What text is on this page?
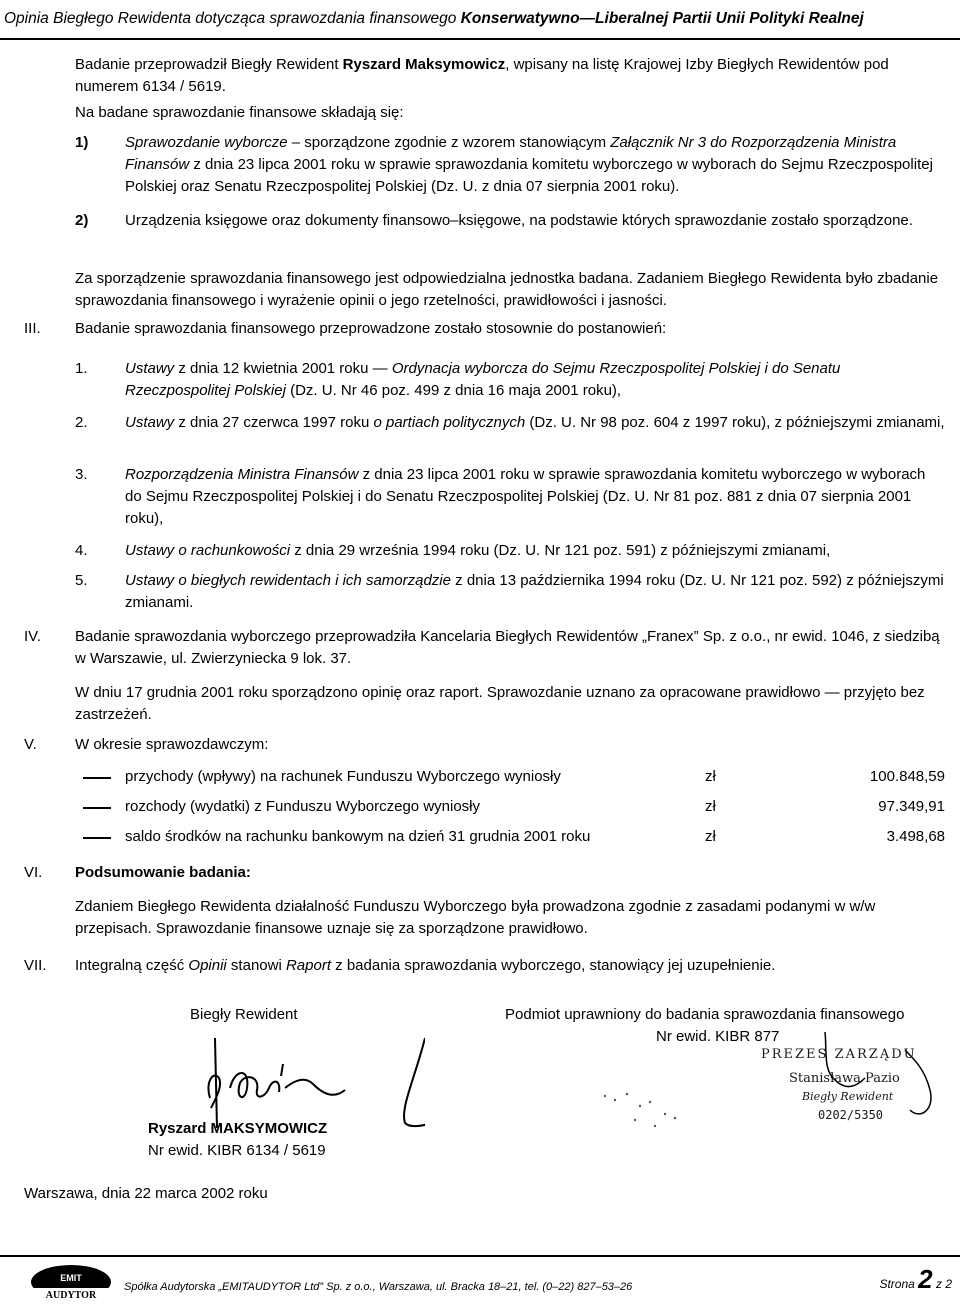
Opinia Biegłego Rewidenta dotycząca sprawozdania finansowego Konserwatywno—Liberalnej Partii Unii Polityki Realnej

Badanie przeprowadził Biegły Rewident Ryszard Maksymowicz, wpisany na listę Krajowej Izby Biegłych Rewidentów pod numerem 6134 / 5619.

Na badane sprawozdanie finansowe składają się:

1) Sprawozdanie wyborcze – sporządzone zgodnie z wzorem stanowiącym Załącznik Nr 3 do Rozporządzenia Ministra Finansów z dnia 23 lipca 2001 roku w sprawie sprawozdania komitetu wyborczego w wyborach do Sejmu Rzeczpospolitej Polskiej oraz Senatu Rzeczpospolitej Polskiej (Dz. U. z dnia 07 sierpnia 2001 roku).
2) Urządzenia księgowe oraz dokumenty finansowo–księgowe, na podstawie których sprawozdanie zostało sporządzone.
Za sporządzenie sprawozdania finansowego jest odpowiedzialna jednostka badana. Zadaniem Biegłego Rewidenta było zbadanie sprawozdania finansowego i wyrażenie opinii o jego rzetelności, prawidłowości i jasności.
III. Badanie sprawozdania finansowego przeprowadzone zostało stosownie do postanowień:
1. Ustawy z dnia 12 kwietnia 2001 roku — Ordynacja wyborcza do Sejmu Rzeczpospolitej Polskiej i do Senatu Rzeczpospolitej Polskiej (Dz. U. Nr 46 poz. 499 z dnia 16 maja 2001 roku),
2. Ustawy z dnia 27 czerwca 1997 roku o partiach politycznych (Dz. U. Nr 98 poz. 604 z 1997 roku), z późniejszymi zmianami,
3. Rozporządzenia Ministra Finansów z dnia 23 lipca 2001 roku w sprawie sprawozdania komitetu wyborczego w wyborach do Sejmu Rzeczpospolitej Polskiej i do Senatu Rzeczpospolitej Polskiej (Dz. U. Nr 81 poz. 881 z dnia 07 sierpnia 2001 roku),
4. Ustawy o rachunkowości z dnia 29 września 1994 roku (Dz. U. Nr 121 poz. 591) z późniejszymi zmianami,
5. Ustawy o biegłych rewidentach i ich samorządzie z dnia 13 października 1994 roku (Dz. U. Nr 121 poz. 592) z późniejszymi zmianami.
IV. Badanie sprawozdania wyborczego przeprowadziła Kancelaria Biegłych Rewidentów „Franex” Sp. z o.o., nr ewid. 1046, z siedzibą w Warszawie, ul. Zwierzyniecka 9 lok. 37.
W dniu 17 grudnia 2001 roku sporządzono opinię oraz raport. Sprawozdanie uznano za opracowane prawidłowo — przyjęto bez zastrzeżeń.
V.	W okresie sprawozdawczym:
przychody (wpływy) na rachunek Funduszu Wyborczego wyniosły	zł	100.848,59
rozchody (wydatki) z Funduszu Wyborczego wyniosły	zł	97.349,91
saldo środków na rachunku bankowym na dzień 31 grudnia 2001 roku	zł	3.498,68
VI. Podsumowanie badania:
Zdaniem Biegłego Rewidenta działalność Funduszu Wyborczego była prowadzona zgodnie z zasadami podanymi w w/w przepisach. Sprawozdanie finansowe uznaje się za sporządzone prawidłowo.
VII. Integralną część Opinii stanowi Raport z badania sprawozdania wyborczego, stanowiący jej uzupełnienie.
Biegły Rewident
Ryszard MAKSYMOWICZ
Nr ewid. KIBR 6134 / 5619
Podmiot uprawniony do badania sprawozdania finansowego
Nr ewid. KIBR 877
PREZES ZARZĄDU
Stanisława Pazio
Biegły Rewident
0202/5350
Warszawa, dnia 22 marca 2002 roku
EMIT
AUDYTOR
Spółka Audytorska „EMITAUDYTOR Ltd” Sp. z o.o., Warszawa, ul. Bracka 18–21, tel. (0–22) 827–53–26	Strona 2 z 2
